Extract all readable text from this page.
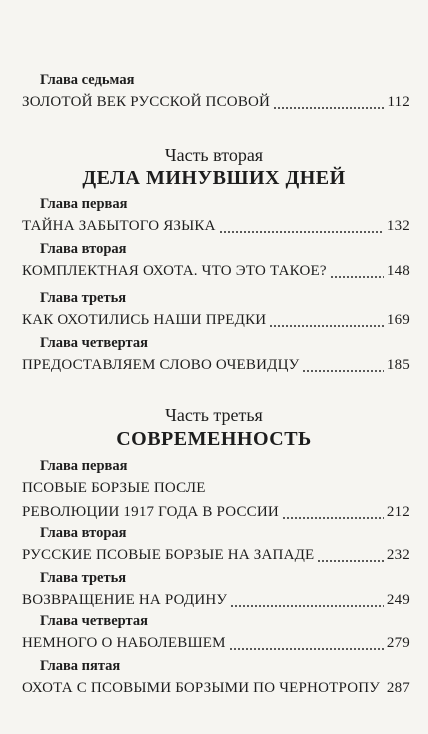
Глава седьмая
ЗОЛОТОЙ ВЕК РУССКОЙ ПСОВОЙ	112
Часть вторая
ДЕЛА МИНУВШИХ ДНЕЙ
Глава первая
ТАЙНА ЗАБЫТОГО ЯЗЫКА	132
Глава вторая
КОМПЛЕКТНАЯ ОХОТА. ЧТО ЭТО ТАКОЕ?	148
Глава третья
КАК ОХОТИЛИСЬ НАШИ ПРЕДКИ	169
Глава четвертая
ПРЕДОСТАВЛЯЕМ СЛОВО ОЧЕВИДЦУ	185
Часть третья
СОВРЕМЕННОСТЬ
Глава первая
ПСОВЫЕ БОРЗЫЕ ПОСЛЕ
РЕВОЛЮЦИИ 1917 ГОДА В РОССИИ	212
Глава вторая
РУССКИЕ ПСОВЫЕ БОРЗЫЕ НА ЗАПАДЕ	232
Глава третья
ВОЗВРАЩЕНИЕ НА РОДИНУ	249
Глава четвертая
НЕМНОГО О НАБОЛЕВШЕМ	279
Глава пятая
ОХОТА С ПСОВЫМИ БОРЗЫМИ ПО ЧЕРНОТРОПУ 287
